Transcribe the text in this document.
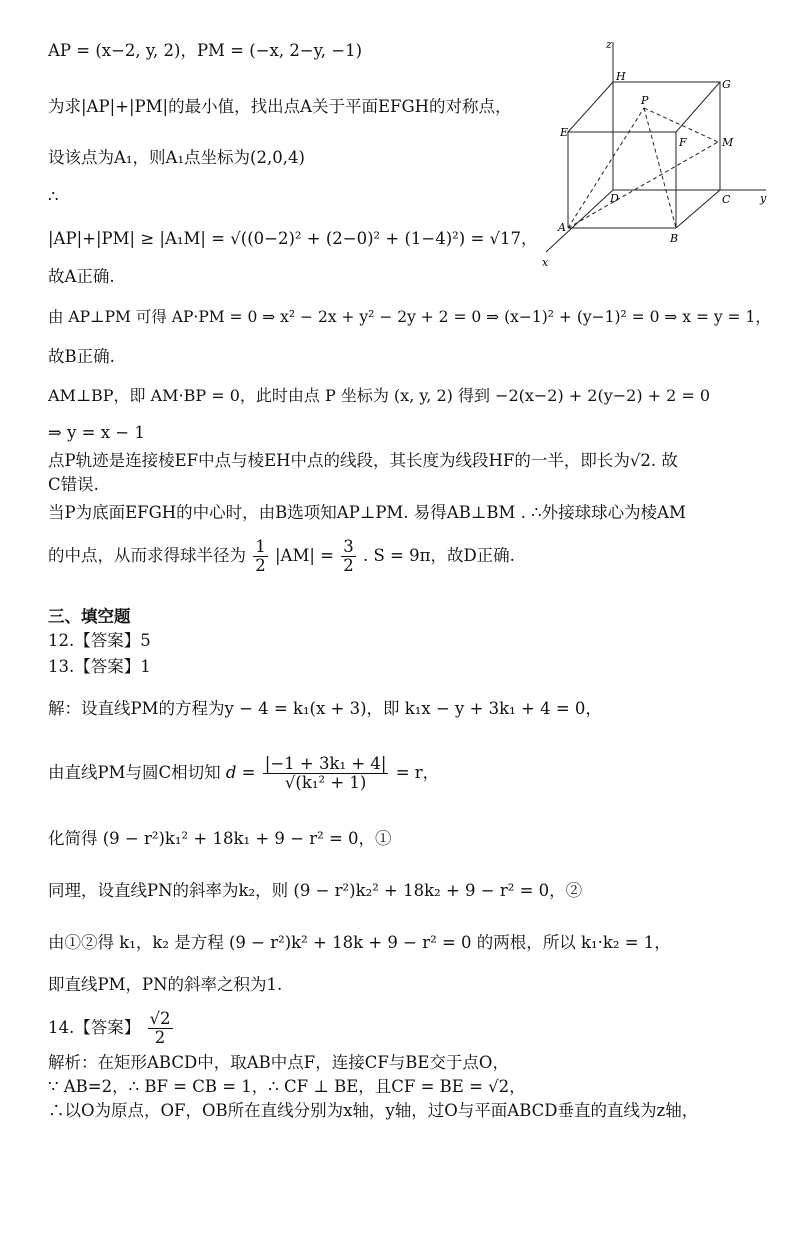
AP = (x−2, y, 2)，PM = (−x, 2−y, −1)
为求|AP|+|PM|的最小值，找出点A关于平面EFGH的对称点，
设该点为A₁，则A₁点坐标为(2,0,4)
∴
|AP|+|PM| ≥ |A₁M| = √((0−2)² + (2−0)² + (1−4)²) = √17，
故A正确.
由 AP⊥PM 可得 AP·PM = 0 ⇒ x² − 2x + y² − 2y + 2 = 0 ⇒ (x−1)² + (y−1)² = 0 ⇒ x = y = 1，
故B正确.
AM⊥BP，即 AM·BP = 0，此时由点 P 坐标为 (x, y, 2) 得到 −2(x−2) + 2(y−2) + 2 = 0
⇒ y = x − 1
点P轨迹是连接棱EF中点与棱EH中点的线段，其长度为线段HF的一半，即长为√2. 故
C错误.
当P为底面EFGH的中心时，由B选项知AP⊥PM. 易得AB⊥BM . ∴外接球球心为棱AM
的中点，从而求得球半径为 $\frac{1}{2} |AM| = \frac{3}{2}$ . S = 9π，故D正确.
三、填空题
12.【答案】5
13.【答案】1
解：设直线PM的方程为y − 4 = k₁(x + 3)，即 k₁x − y + 3k₁ + 4 = 0，
由直线PM与圆C相切知 $d = \frac{\text{|−1 + 3k₁ + 4|}}{\text{√(k₁² + 1)}} = r$，
化简得 (9 − r²)k₁² + 18k₁ + 9 − r² = 0，①
同理，设直线PN的斜率为k₂，则 (9 − r²)k₂² + 18k₂ + 9 − r² = 0，②
由①②得 k₁，k₂ 是方程 (9 − r²)k² + 18k + 9 − r² = 0 的两根，所以 k₁·k₂ = 1，
即直线PM，PN的斜率之积为1.
14.【答案】 $\frac{√2}{2}$
解析：在矩形ABCD中，取AB中点F，连接CF与BE交于点O，
∵ AB=2，∴ BF = CB = 1，∴ CF ⊥ BE，且CF = BE = √2，
∴以O为原点，OF，OB所在直线分别为x轴，y轴，过O与平面ABCD垂直的直线为z轴，
z
y
x
H
G
E
F
P
M
D	C
A
B
